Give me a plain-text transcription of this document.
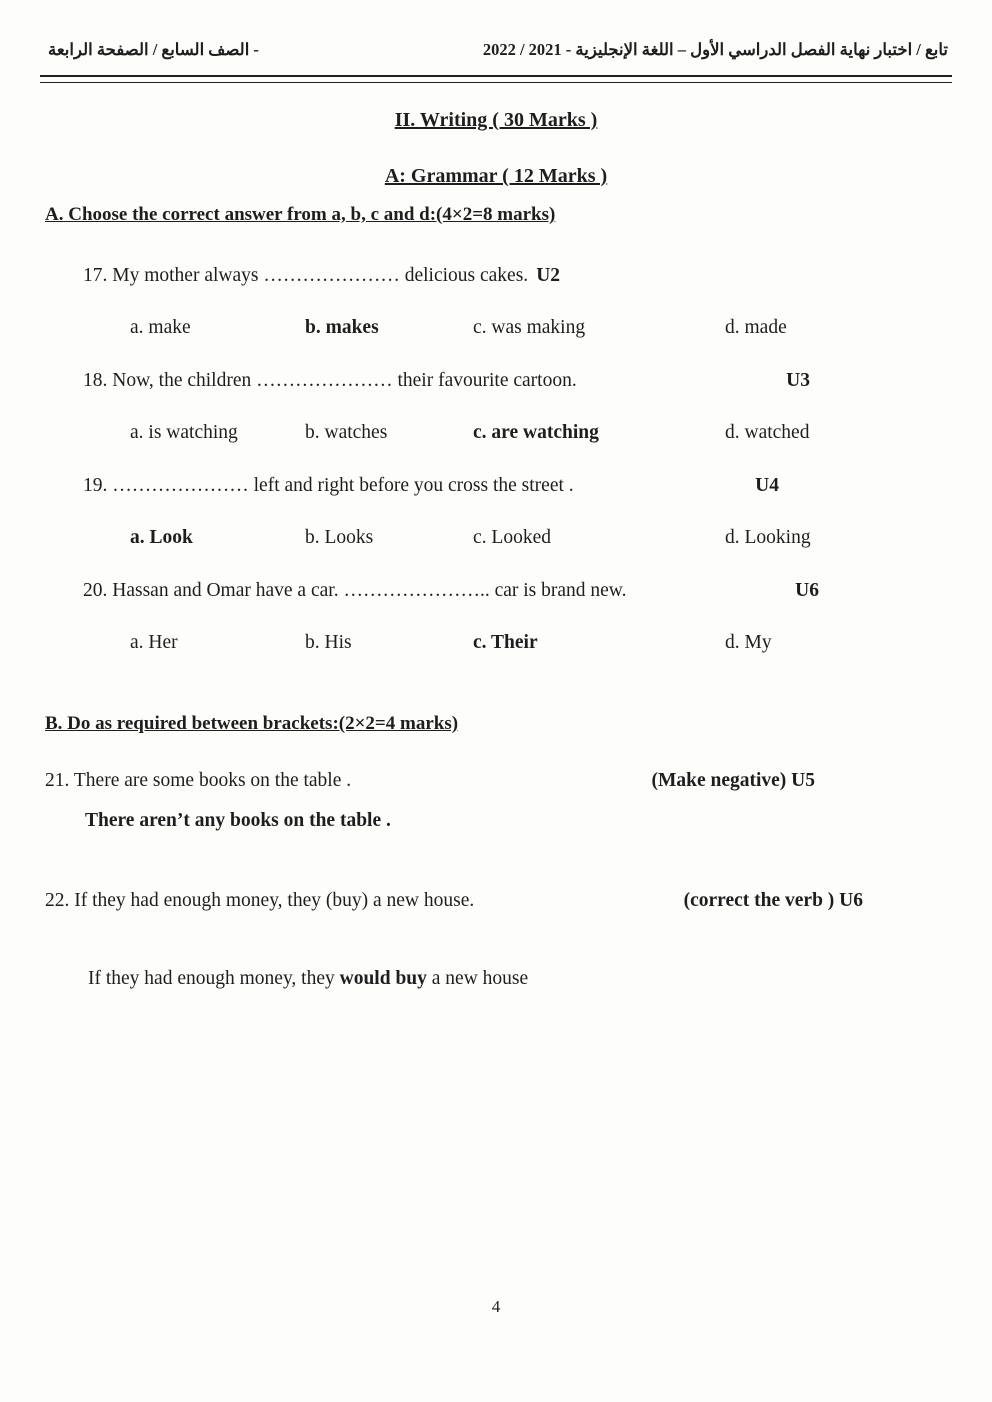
تابع / اختبار نهاية الفصل الدراسي الأول – اللغة الإنجليزية - 2021 / 2022
- الصف السابع / الصفحة الرابعة
II. Writing ( 30 Marks )
A: Grammar ( 12 Marks )
A. Choose the correct answer from a, b, c and d:(4×2=8 marks)
17. My mother always ………………… delicious cakes. U2
a. make	b. makes	c. was making	d. made
18. Now, the children ………………… their favourite cartoon.	U3
a. is watching	b. watches	c. are watching	d. watched
19. ………………… left and right before you cross the street .	U4
a. Look	b. Looks	c. Looked	d. Looking
20. Hassan and Omar have a car. ………………….. car is brand new.	U6
a. Her	b. His	c. Their	d. My
B. Do as required between brackets:(2×2=4 marks)
21. There are some books on the table .	(Make negative) U5
There aren’t any books on the table .
22. If they had enough money, they (buy) a new house.	(correct the verb ) U6
If they had enough money, they would buy a new house
4
